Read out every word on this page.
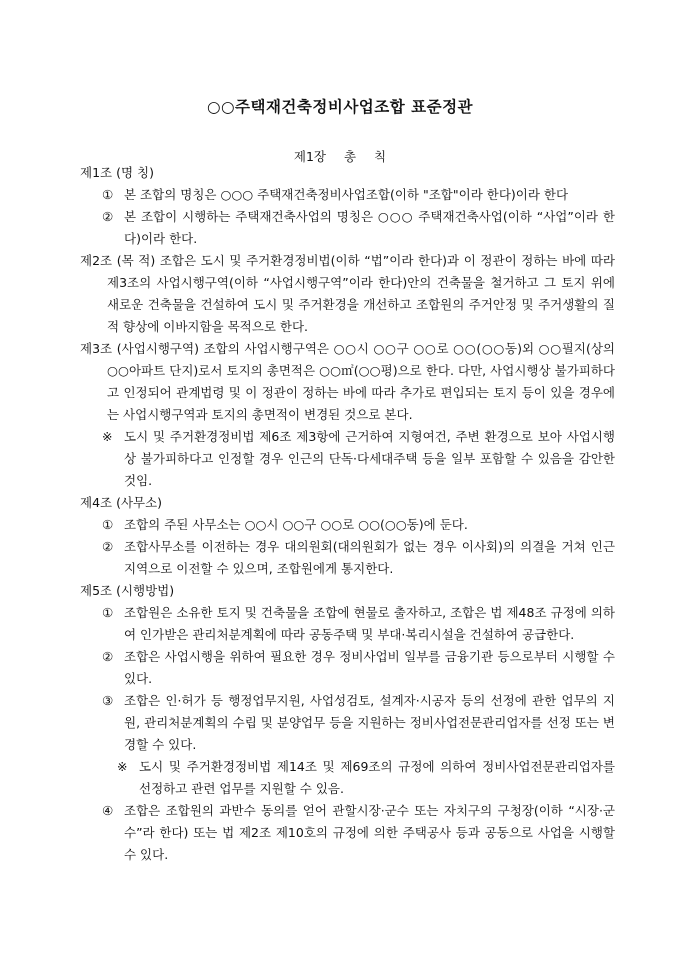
○○주택재건축정비사업조합 표준정관
제1장 총 칙
제1조 (명 칭)
① 본 조합의 명칭은 ○○○ 주택재건축정비사업조합(이하 "조합"이라 한다)이라 한다
② 본 조합이 시행하는 주택재건축사업의 명칭은 ○○○ 주택재건축사업(이하 “사업”이라 한다)이라 한다.
제2조 (목 적) 조합은 도시 및 주거환경정비법(이하 “법”이라 한다)과 이 정관이 정하는 바에 따라 제3조의 사업시행구역(이하 “사업시행구역”이라 한다)안의 건축물을 철거하고 그 토지 위에 새로운 건축물을 건설하여 도시 및 주거환경을 개선하고 조합원의 주거안정 및 주거생활의 질적 향상에 이바지함을 목적으로 한다.
제3조 (사업시행구역) 조합의 사업시행구역은 ○○시 ○○구 ○○로 ○○(○○동)외 ○○필지(상의 ○○아파트 단지)로서 토지의 총면적은 ○○㎡(○○평)으로 한다. 다만, 사업시행상 불가피하다고 인정되어 관계법령 및 이 정관이 정하는 바에 따라 추가로 편입되는 토지 등이 있을 경우에는 사업시행구역과 토지의 총면적이 변경된 것으로 본다.
※ 도시 및 주거환경정비법 제6조 제3항에 근거하여 지형여건, 주변 환경으로 보아 사업시행상 불가피하다고 인정할 경우 인근의 단독·다세대주택 등을 일부 포함할 수 있음을 감안한 것임.
제4조 (사무소)
① 조합의 주된 사무소는 ○○시 ○○구 ○○로 ○○(○○동)에 둔다.
② 조합사무소를 이전하는 경우 대의원회(대의원회가 없는 경우 이사회)의 의결을 거쳐 인근지역으로 이전할 수 있으며, 조합원에게 통지한다.
제5조 (시행방법)
① 조합원은 소유한 토지 및 건축물을 조합에 현물로 출자하고, 조합은 법 제48조 규정에 의하여 인가받은 관리처분계획에 따라 공동주택 및 부대·복리시설을 건설하여 공급한다.
② 조합은 사업시행을 위하여 필요한 경우 정비사업비 일부를 금융기관 등으로부터 시행할 수 있다.
③ 조합은 인·허가 등 행정업무지원, 사업성검토, 설계자·시공자 등의 선정에 관한 업무의 지원, 관리처분계획의 수립 및 분양업무 등을 지원하는 정비사업전문관리업자를 선정 또는 변경할 수 있다.
※ 도시 및 주거환경정비법 제14조 및 제69조의 규정에 의하여 정비사업전문관리업자를 선정하고 관련 업무를 지원할 수 있음.
④ 조합은 조합원의 과반수 동의를 얻어 관할시장·군수 또는 자치구의 구청장(이하 “시장·군수”라 한다) 또는 법 제2조 제10호의 규정에 의한 주택공사 등과 공동으로 사업을 시행할 수 있다.
